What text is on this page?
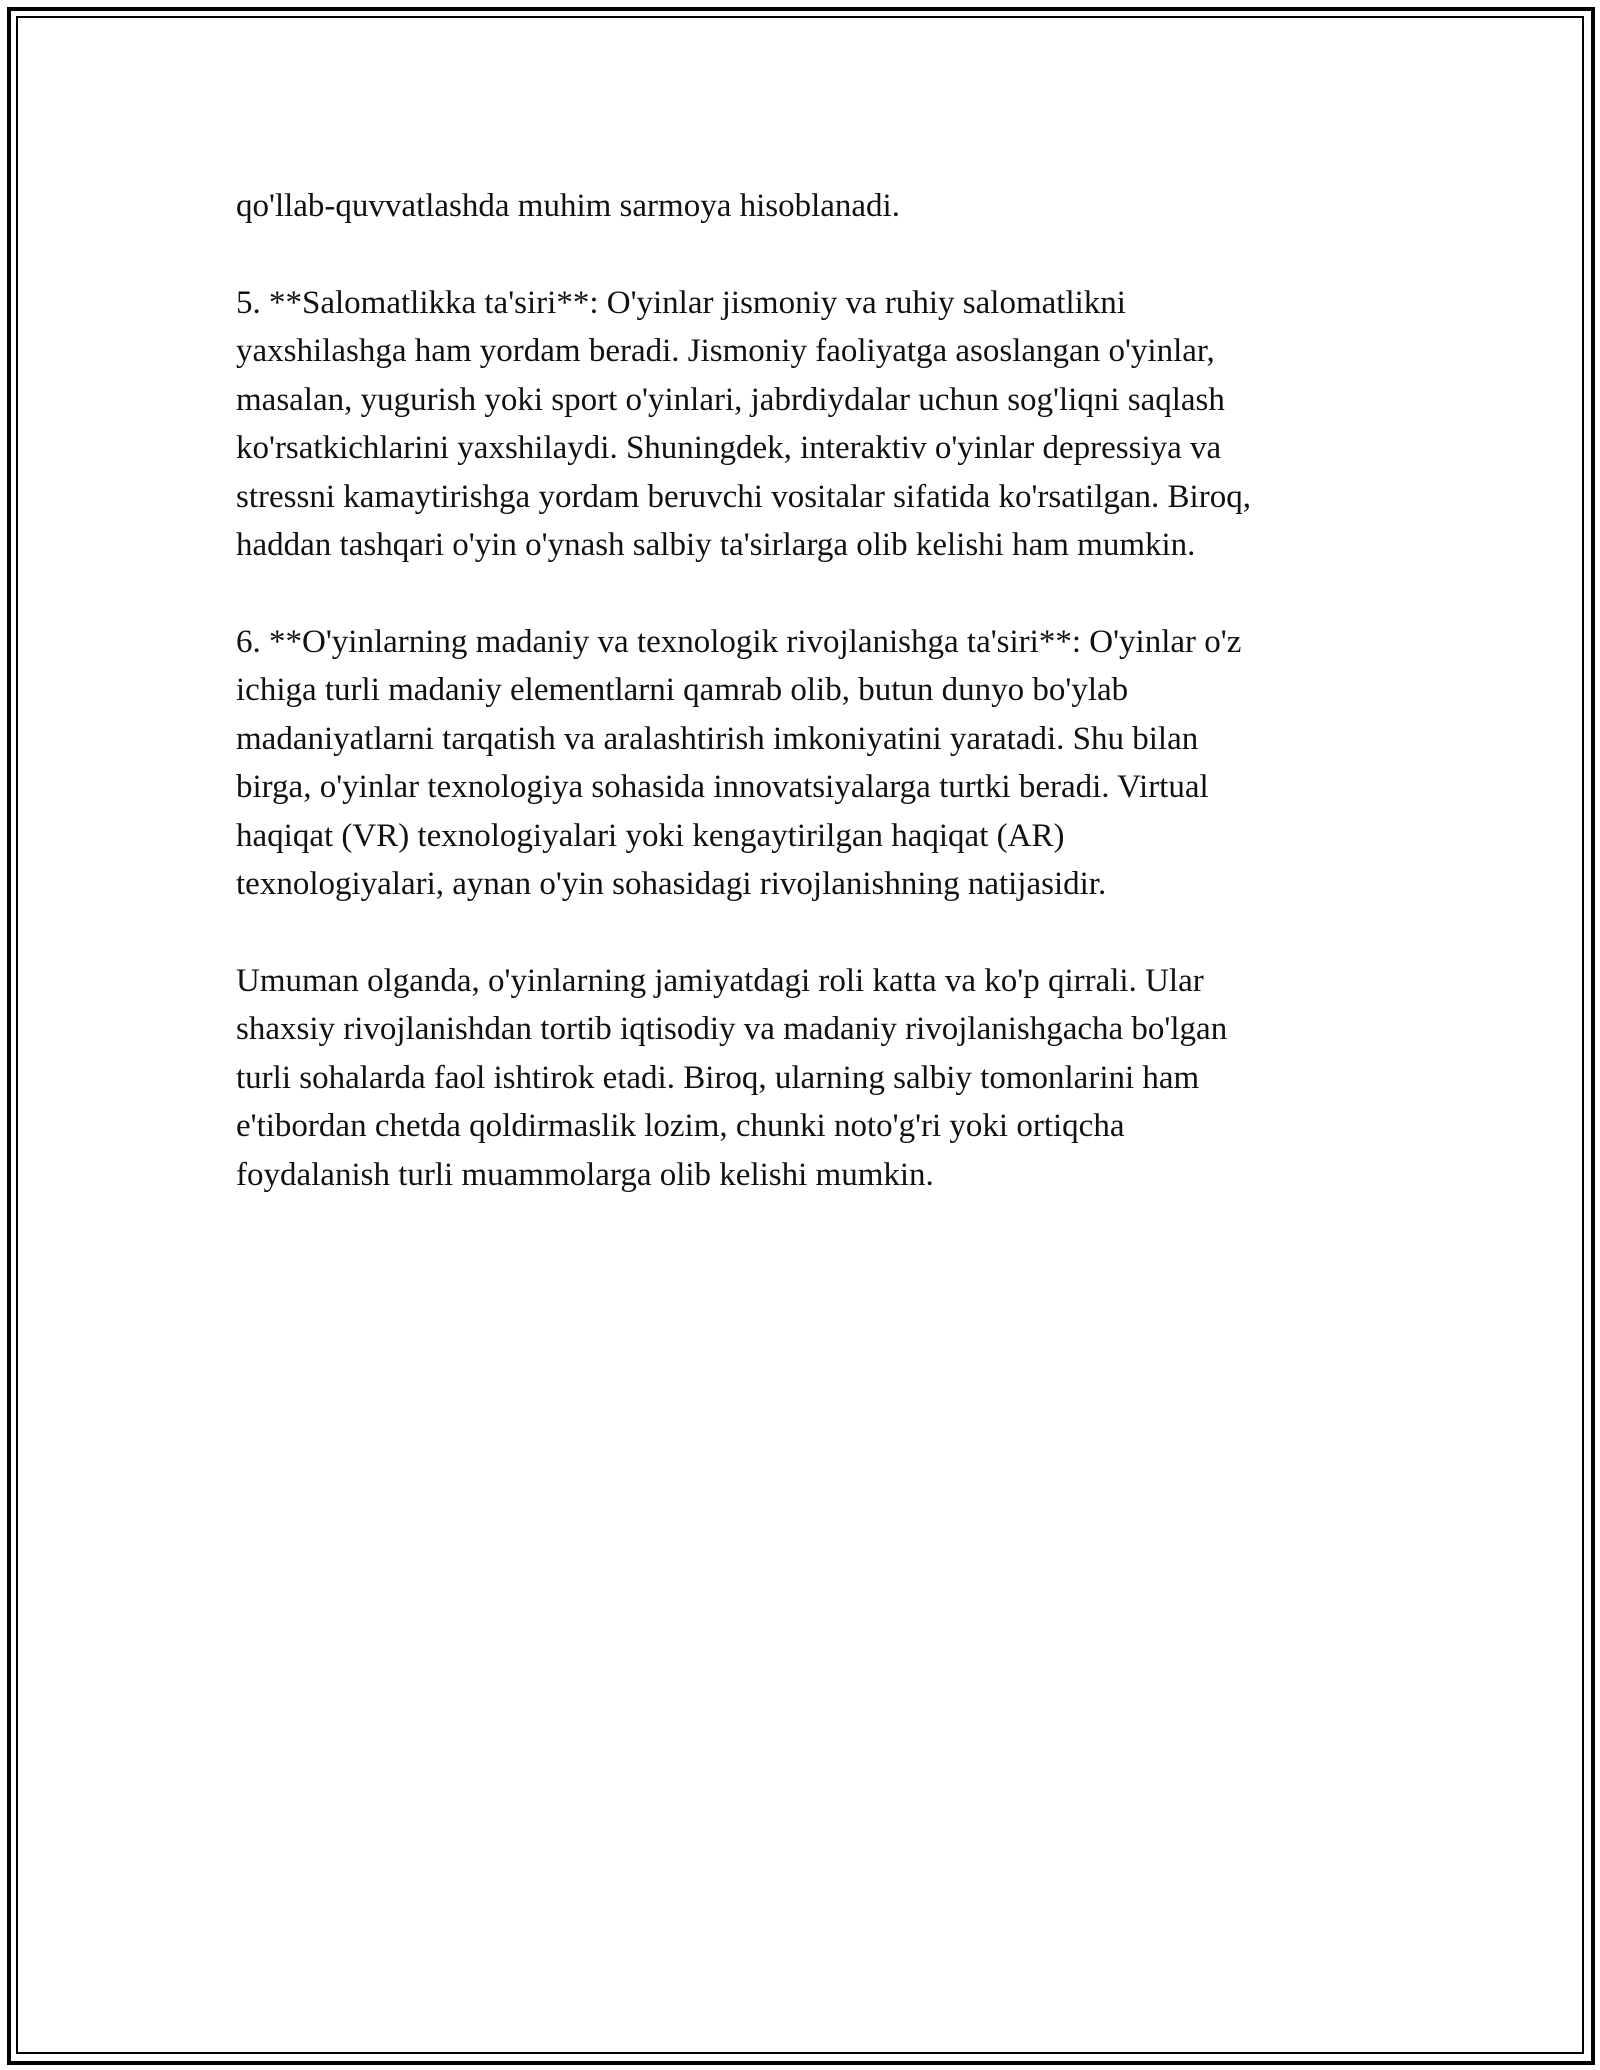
qo'llab-quvvatlashda muhim sarmoya hisoblanadi.

5. **Salomatlikka ta'siri**: O'yinlar jismoniy va ruhiy salomatlikni
yaxshilashga ham yordam beradi. Jismoniy faoliyatga asoslangan o'yinlar,
masalan, yugurish yoki sport o'yinlari, jabrdiydalar uchun sog'liqni saqlash
ko'rsatkichlarini yaxshilaydi. Shuningdek, interaktiv o'yinlar depressiya va
stressni kamaytirishga yordam beruvchi vositalar sifatida ko'rsatilgan. Biroq,
haddan tashqari o'yin o'ynash salbiy ta'sirlarga olib kelishi ham mumkin.

6. **O'yinlarning madaniy va texnologik rivojlanishga ta'siri**: O'yinlar o'z
ichiga turli madaniy elementlarni qamrab olib, butun dunyo bo'ylab
madaniyatlarni tarqatish va aralashtirish imkoniyatini yaratadi. Shu bilan
birga, o'yinlar texnologiya sohasida innovatsiyalarga turtki beradi. Virtual
haqiqat (VR) texnologiyalari yoki kengaytirilgan haqiqat (AR)
texnologiyalari, aynan o'yin sohasidagi rivojlanishning natijasidir.

Umuman olganda, o'yinlarning jamiyatdagi roli katta va ko'p qirrali. Ular
shaxsiy rivojlanishdan tortib iqtisodiy va madaniy rivojlanishgacha bo'lgan
turli sohalarda faol ishtirok etadi. Biroq, ularning salbiy tomonlarini ham
e'tibordan chetda qoldirmaslik lozim, chunki noto'g'ri yoki ortiqcha
foydalanish turli muammolarga olib kelishi mumkin.
